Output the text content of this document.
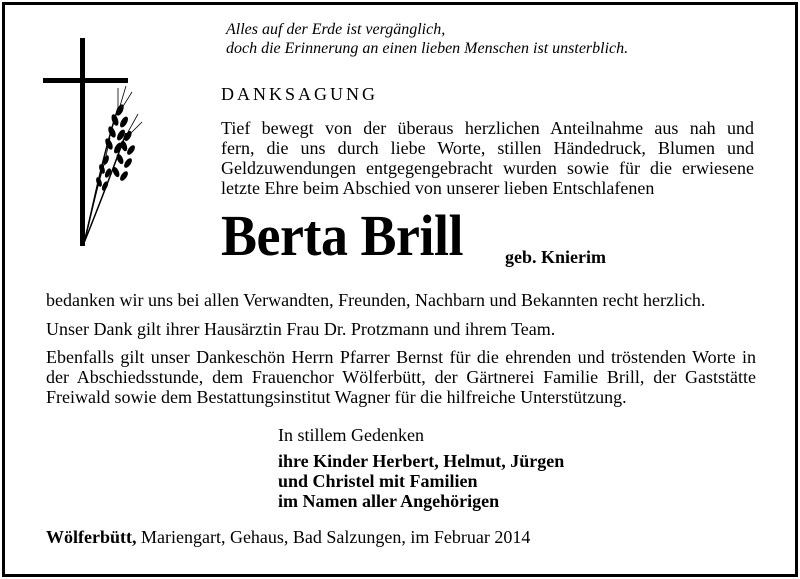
Alles auf der Erde ist vergänglich,
doch die Erinnerung an einen lieben Menschen ist unsterblich.
DANKSAGUNG
Tief bewegt von der überaus herzlichen Anteilnahme aus nah und
fern, die uns durch liebe Worte, stillen Händedruck, Blumen und
Geldzuwendungen entgegengebracht wurden sowie für die erwiesene
letzte Ehre beim Abschied von unserer lieben Entschlafenen
Berta Brill	geb. Knierim
bedanken wir uns bei allen Verwandten, Freunden, Nachbarn und Bekannten recht herzlich.
Unser Dank gilt ihrer Hausärztin Frau Dr. Protzmann und ihrem Team.
Ebenfalls gilt unser Dankeschön Herrn Pfarrer Bernst für die ehrenden und tröstenden Worte in der Abschiedsstunde, dem Frauenchor Wölferbütt, der Gärtnerei Familie Brill, der Gaststätte Freiwald sowie dem Bestattungsinstitut Wagner für die hilfreiche Unterstützung.
In stillem Gedenken
ihre Kinder Herbert, Helmut, Jürgen
und Christel mit Familien
im Namen aller Angehörigen
Wölferbütt, Mariengart, Gehaus, Bad Salzungen, im Februar 2014
